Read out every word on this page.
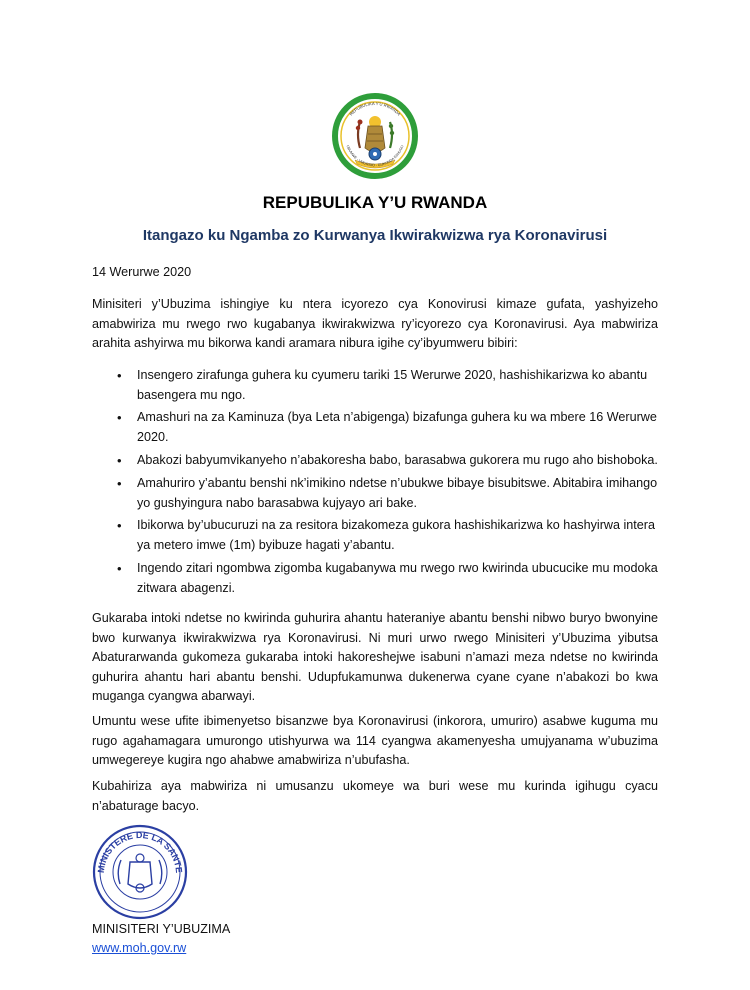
REPUBULIKA Y'U RWANDA
UBUMWE - UMURIMO - GUKUNDA IGIHUGU
REPUBULIKA Y’U RWANDA
Itangazo ku Ngamba zo Kurwanya Ikwirakwizwa rya Koronavirusi
14 Werurwe 2020

Minisiteri y’Ubuzima ishingiye ku ntera icyorezo cya Konovirusi kimaze gufata, yashyizeho amabwiriza mu rwego rwo kugabanya ikwirakwizwa ry’icyorezo cya Koronavirusi. Aya mabwiriza arahita ashyirwa mu bikorwa kandi aramara nibura igihe cy’ibyumweru bibiri:

• Insengero zirafunga guhera ku cyumeru tariki 15 Werurwe 2020, hashishikarizwa ko abantu basengera mu ngo.
• Amashuri na za Kaminuza (bya Leta n’abigenga) bizafunga guhera ku wa mbere 16 Werurwe 2020.
• Abakozi babyumvikanyeho n’abakoresha babo, barasabwa gukorera mu rugo aho bishoboka.
• Amahuriro y’abantu benshi nk’imikino ndetse n’ubukwe bibaye bisubitswe. Abitabira imihango yo gushyingura nabo barasabwa kujyayo ari bake.
• Ibikorwa by’ubucuruzi na za resitora bizakomeza gukora hashishikarizwa ko hashyirwa intera ya metero imwe (1m) byibuze hagati y’abantu.
• Ingendo zitari ngombwa zigomba kugabanywa mu rwego rwo kwirinda ubucucike mu modoka zitwara abagenzi.

Gukaraba intoki ndetse no kwirinda guhurira ahantu hateraniye abantu benshi nibwo buryo bwonyine bwo kurwanya ikwirakwizwa rya Koronavirusi. Ni muri urwo rwego Minisiteri y’Ubuzima yibutsa Abaturarwanda gukomeza gukaraba intoki hakoreshejwe isabuni n’amazi meza ndetse no kwirinda guhurira ahantu hari abantu benshi. Udupfukamunwa dukenerwa cyane cyane n’abakozi bo kwa muganga cyangwa abarwayi.

Umuntu wese ufite ibimenyetso bisanzwe bya Koronavirusi (inkorora, umuriro) asabwe kuguma mu rugo agahamagara umurongo utishyurwa wa 114 cyangwa akamenyesha umujyanama w’ubuzima umwegereye kugira ngo ahabwe amabwiriza n’ubufasha.

Kubahiriza aya mabwiriza ni umusanzu ukomeye wa buri wese mu kurinda igihugu cyacu n’abaturage bacyo.

MINISTERE DE LA SANTE
MINISITERI Y’UBUZIMA
www.moh.gov.rw
